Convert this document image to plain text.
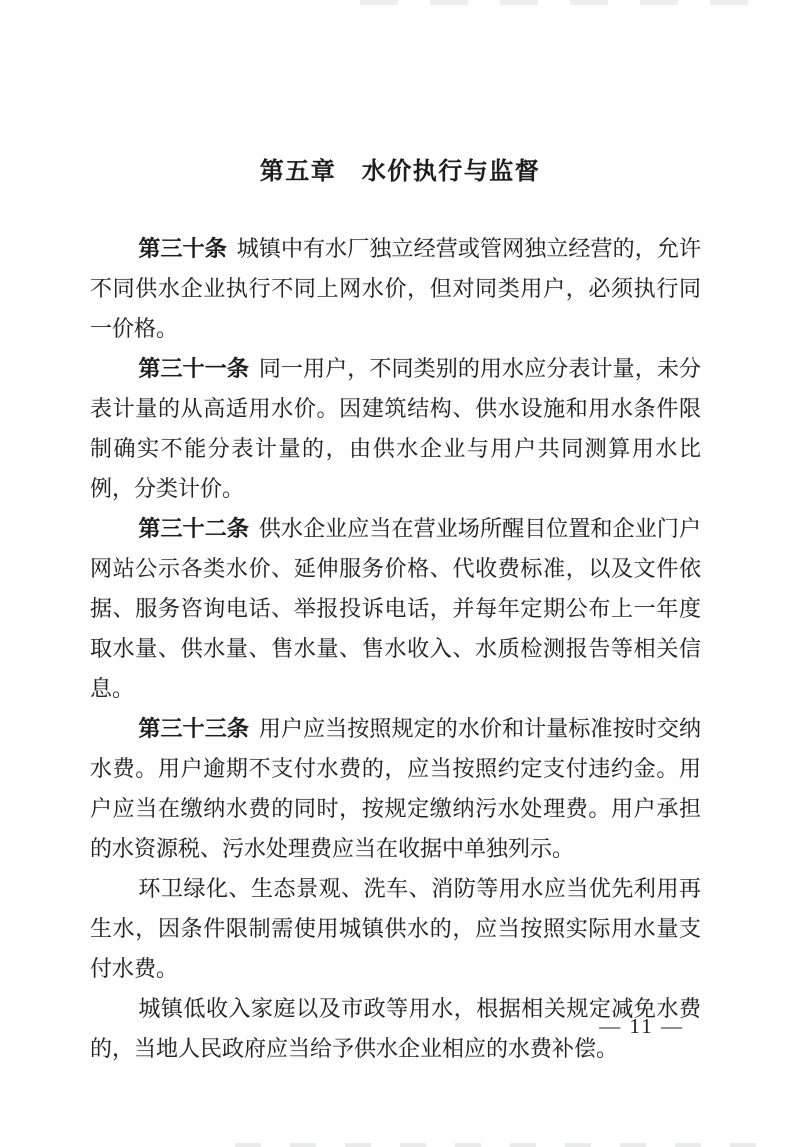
第五章　水价执行与监督

第三十条 城镇中有水厂独立经营或管网独立经营的，允许不同供水企业执行不同上网水价，但对同类用户，必须执行同一价格。

第三十一条 同一用户，不同类别的用水应分表计量，未分表计量的从高适用水价。因建筑结构、供水设施和用水条件限制确实不能分表计量的，由供水企业与用户共同测算用水比例，分类计价。

第三十二条 供水企业应当在营业场所醒目位置和企业门户网站公示各类水价、延伸服务价格、代收费标准，以及文件依据、服务咨询电话、举报投诉电话，并每年定期公布上一年度取水量、供水量、售水量、售水收入、水质检测报告等相关信息。

第三十三条 用户应当按照规定的水价和计量标准按时交纳水费。用户逾期不支付水费的，应当按照约定支付违约金。用户应当在缴纳水费的同时，按规定缴纳污水处理费。用户承担的水资源税、污水处理费应当在收据中单独列示。

环卫绿化、生态景观、洗车、消防等用水应当优先利用再生水，因条件限制需使用城镇供水的，应当按照实际用水量支付水费。

城镇低收入家庭以及市政等用水，根据相关规定减免水费的，当地人民政府应当给予供水企业相应的水费补偿。

— 11 —
